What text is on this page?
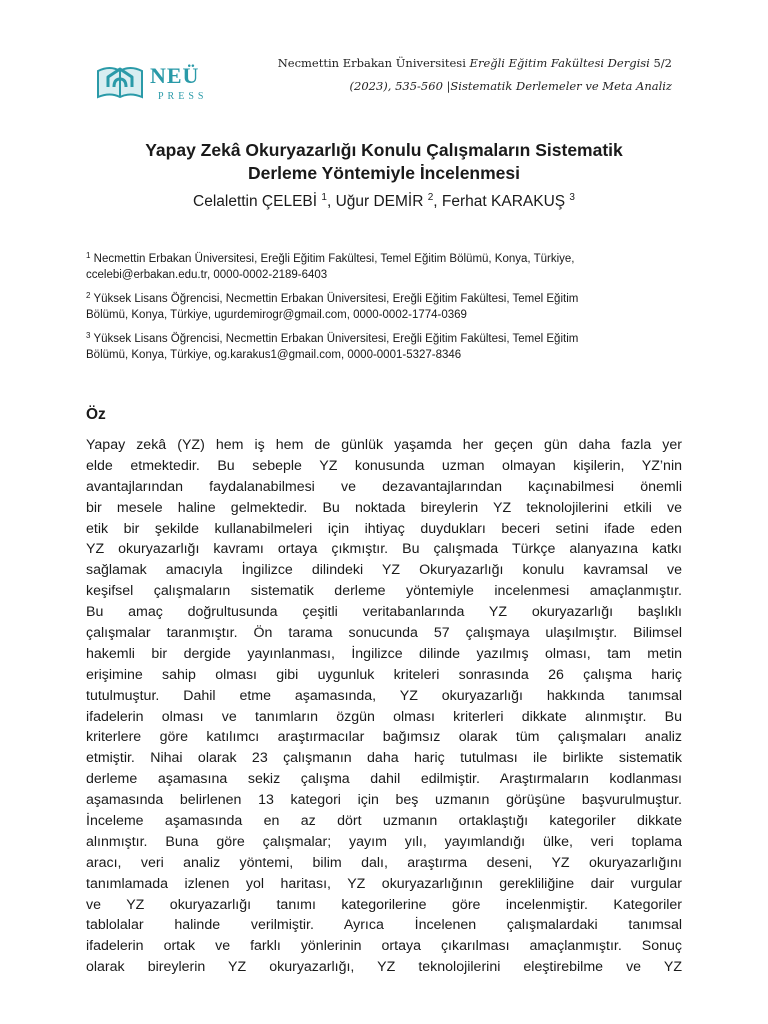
NEÜ
PRESS
Necmettin Erbakan Üniversitesi Ereğli Eğitim Fakültesi Dergisi 5/2
(2023), 535-560 |Sistematik Derlemeler ve Meta Analiz
Yapay Zekâ Okuryazarlığı Konulu Çalışmaların Sistematik
Derleme Yöntemiyle İncelenmesi
Celalettin ÇELEBİ $^1$, Uğur DEMİR $^2$, Ferhat KARAKUŞ $^3$
$^1$ Necmettin Erbakan Üniversitesi, Ereğli Eğitim Fakültesi, Temel Eğitim Bölümü, Konya, Türkiye,
ccelebi@erbakan.edu.tr, 0000-0002-2189-6403
$^2$ Yüksek Lisans Öğrencisi, Necmettin Erbakan Üniversitesi, Ereğli Eğitim Fakültesi, Temel Eğitim
Bölümü, Konya, Türkiye, ugurdemirogr@gmail.com, 0000-0002-1774-0369
$^3$ Yüksek Lisans Öğrencisi, Necmettin Erbakan Üniversitesi, Ereğli Eğitim Fakültesi, Temel Eğitim
Bölümü, Konya, Türkiye, og.karakus1@gmail.com, 0000-0001-5327-8346
Öz
Yapay zekâ (YZ) hem iş hem de günlük yaşamda her geçen gün daha fazla yer
elde etmektedir. Bu sebeple YZ konusunda uzman olmayan kişilerin, YZ’nin
avantajlarından faydalanabilmesi ve dezavantajlarından kaçınabilmesi önemli
bir mesele haline gelmektedir. Bu noktada bireylerin YZ teknolojilerini etkili ve
etik bir şekilde kullanabilmeleri için ihtiyaç duydukları beceri setini ifade eden
YZ okuryazarlığı kavramı ortaya çıkmıştır. Bu çalışmada Türkçe alanyazına katkı
sağlamak amacıyla İngilizce dilindeki YZ Okuryazarlığı konulu kavramsal ve
keşifsel çalışmaların sistematik derleme yöntemiyle incelenmesi amaçlanmıştır.
Bu amaç doğrultusunda çeşitli veritabanlarında YZ okuryazarlığı başlıklı
çalışmalar taranmıştır. Ön tarama sonucunda 57 çalışmaya ulaşılmıştır. Bilimsel
hakemli bir dergide yayınlanması, İngilizce dilinde yazılmış olması, tam metin
erişimine sahip olması gibi uygunluk kriteleri sonrasında 26 çalışma hariç
tutulmuştur. Dahil etme aşamasında, YZ okuryazarlığı hakkında tanımsal
ifadelerin olması ve tanımların özgün olması kriterleri dikkate alınmıştır. Bu
kriterlere göre katılımcı araştırmacılar bağımsız olarak tüm çalışmaları analiz
etmiştir. Nihai olarak 23 çalışmanın daha hariç tutulması ile birlikte sistematik
derleme aşamasına sekiz çalışma dahil edilmiştir. Araştırmaların kodlanması
aşamasında belirlenen 13 kategori için beş uzmanın görüşüne başvurulmuştur.
İnceleme aşamasında en az dört uzmanın ortaklaştığı kategoriler dikkate
alınmıştır. Buna göre çalışmalar; yayım yılı, yayımlandığı ülke, veri toplama
aracı, veri analiz yöntemi, bilim dalı, araştırma deseni, YZ okuryazarlığını
tanımlamada izlenen yol haritası, YZ okuryazarlığının gerekliliğine dair vurgular
ve YZ okuryazarlığı tanımı kategorilerine göre incelenmiştir. Kategoriler
tablolalar halinde verilmiştir. Ayrıca İncelenen çalışmalardaki tanımsal
ifadelerin ortak ve farklı yönlerinin ortaya çıkarılması amaçlanmıştır. Sonuç
olarak bireylerin YZ okuryazarlığı, YZ teknolojilerini eleştirebilme ve YZ
